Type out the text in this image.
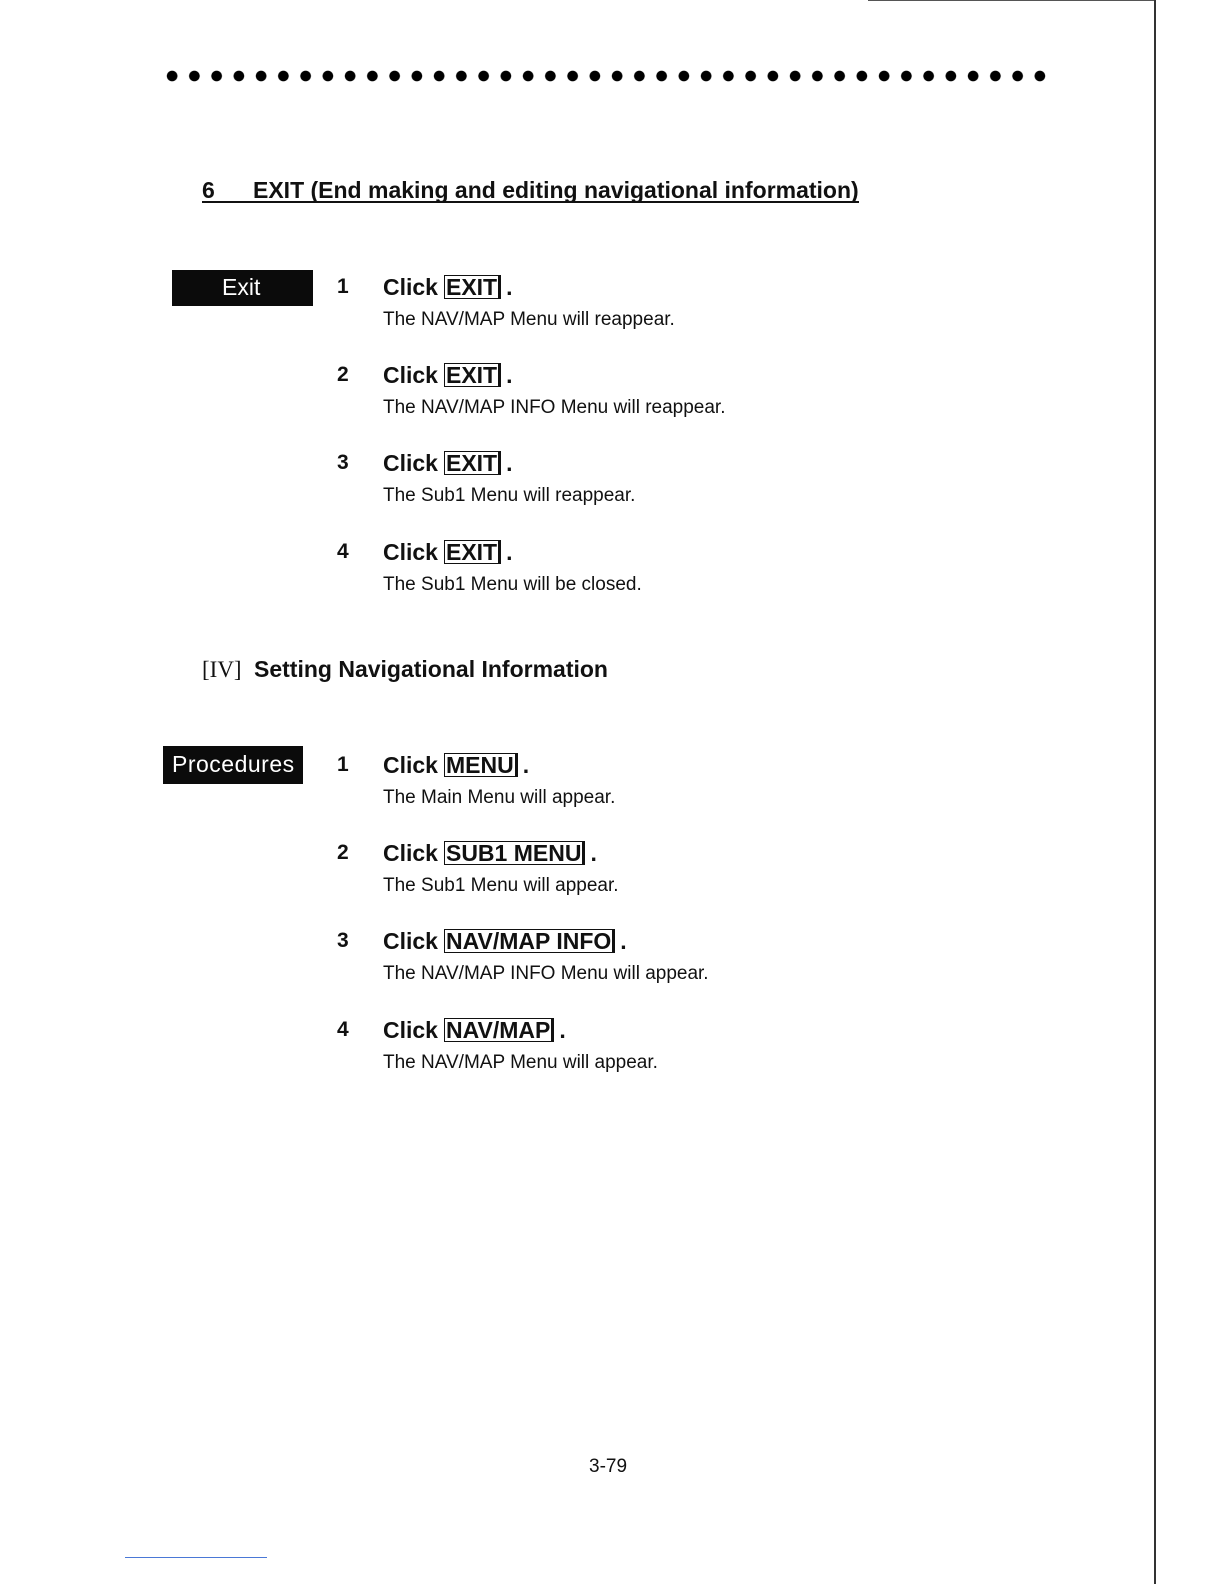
6 EXIT (End making and editing navigational information)
Exit	1 Click EXIT .
The NAV/MAP Menu will reappear.
2 Click EXIT .
The NAV/MAP INFO Menu will reappear.
3 Click EXIT .
The Sub1 Menu will reappear.
4 Click EXIT .
The Sub1 Menu will be closed.
[IV] Setting Navigational Information
Procedures	1 Click MENU .
The Main Menu will appear.
2 Click SUB1 MENU .
The Sub1 Menu will appear.
3 Click NAV/MAP INFO .
The NAV/MAP INFO Menu will appear.
4 Click NAV/MAP .
The NAV/MAP Menu will appear.
3-79
